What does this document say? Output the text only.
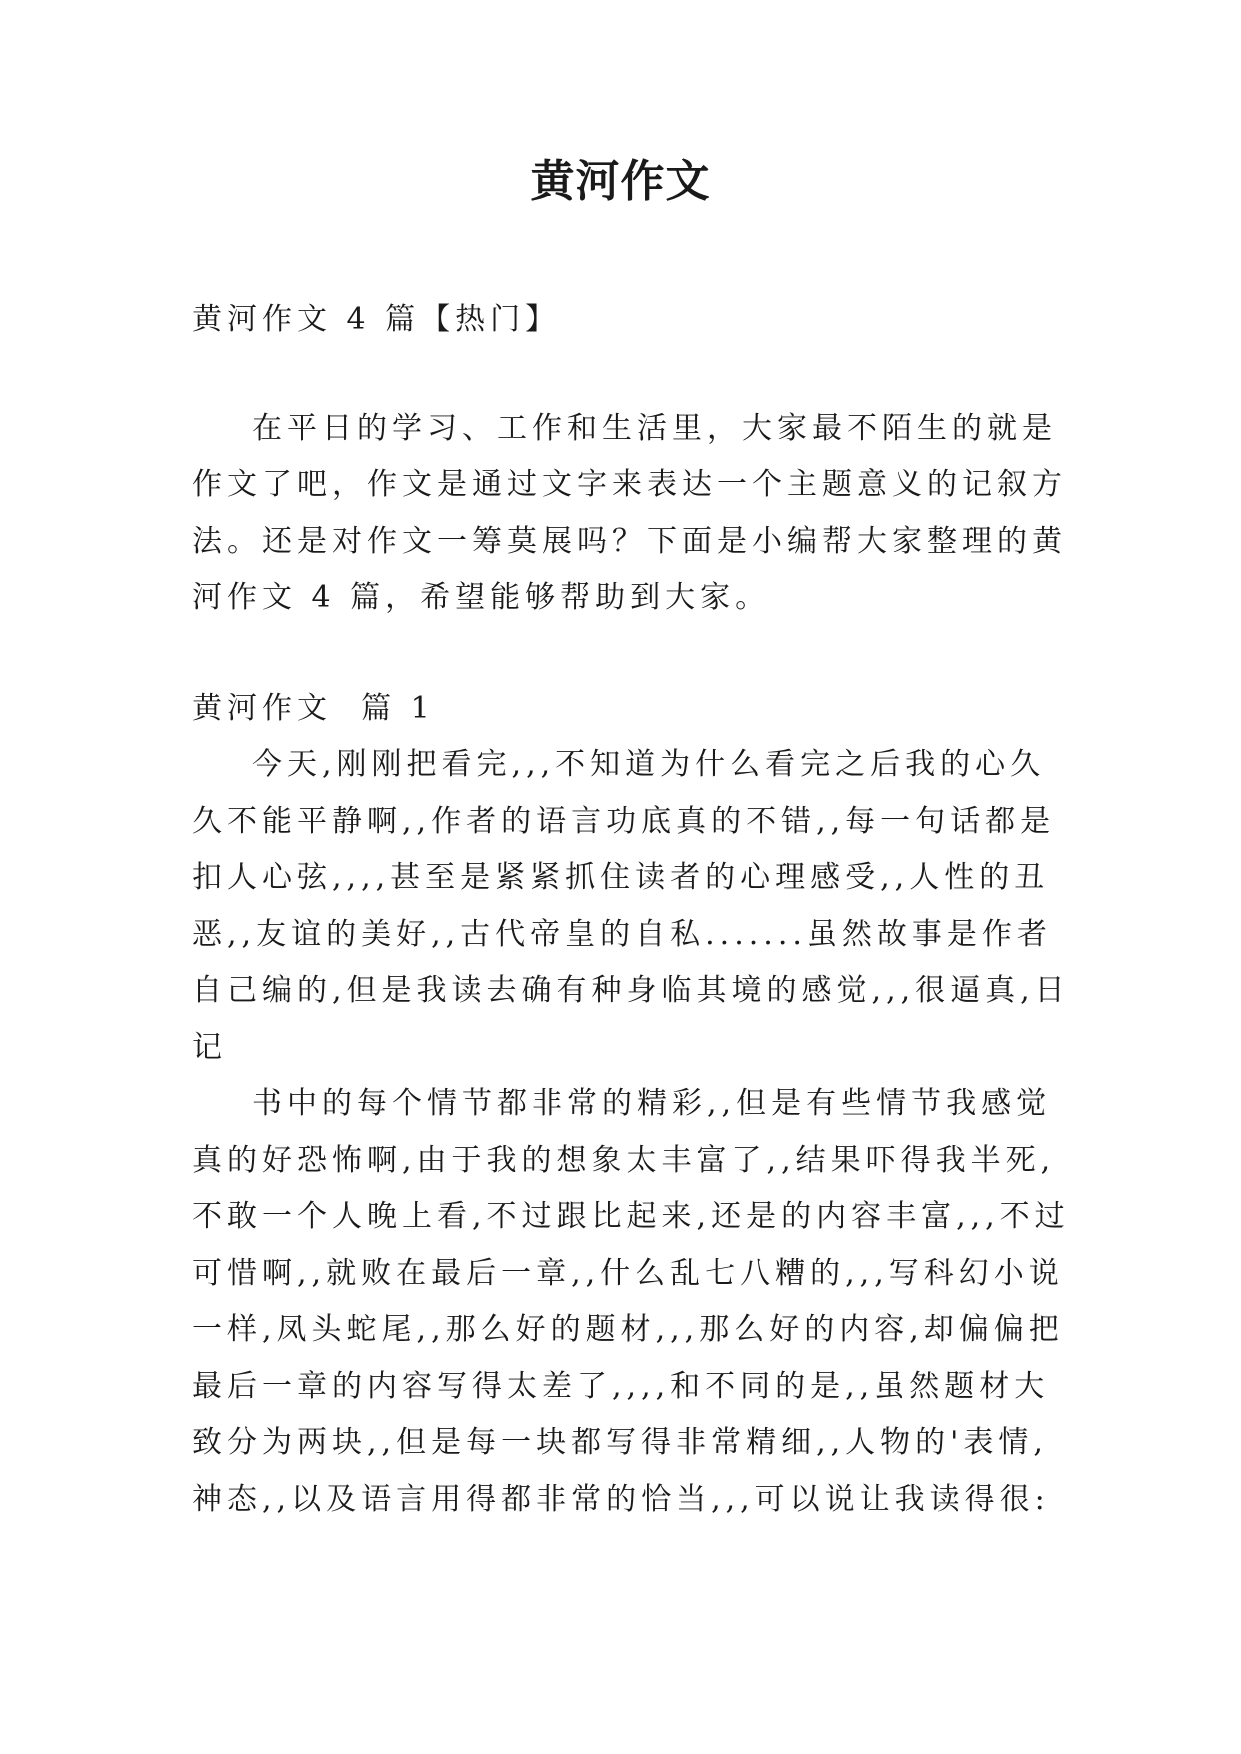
黄河作文

黄河作文 4 篇【热门】

在平日的学习、工作和生活里，大家最不陌生的就是作文了吧，作文是通过文字来表达一个主题意义的记叙方法。还是对作文一筹莫展吗？下面是小编帮大家整理的黄河作文 4 篇，希望能够帮助到大家。

黄河作文  篇 1

今天,刚刚把看完,,,不知道为什么看完之后我的心久久不能平静啊,,作者的语言功底真的不错,,每一句话都是扣人心弦,,,,甚至是紧紧抓住读者的心理感受,,人性的丑恶,,友谊的美好,,古代帝皇的自私.......虽然故事是作者自己编的,但是我读去确有种身临其境的感觉,,,很逼真,日记

书中的每个情节都非常的精彩,,但是有些情节我感觉真的好恐怖啊,由于我的想象太丰富了,,结果吓得我半死,不敢一个人晚上看,不过跟比起来,还是的内容丰富,,,不过可惜啊,,就败在最后一章,,什么乱七八糟的,,,写科幻小说一样,凤头蛇尾,,那么好的题材,,,那么好的内容,却偏偏把最后一章的内容写得太差了,,,,和不同的是,,虽然题材大致分为两块,,但是每一块都写得非常精细,,人物的'表情,神态,,以及语言用得都非常的恰当,,,可以说让我读得很:
